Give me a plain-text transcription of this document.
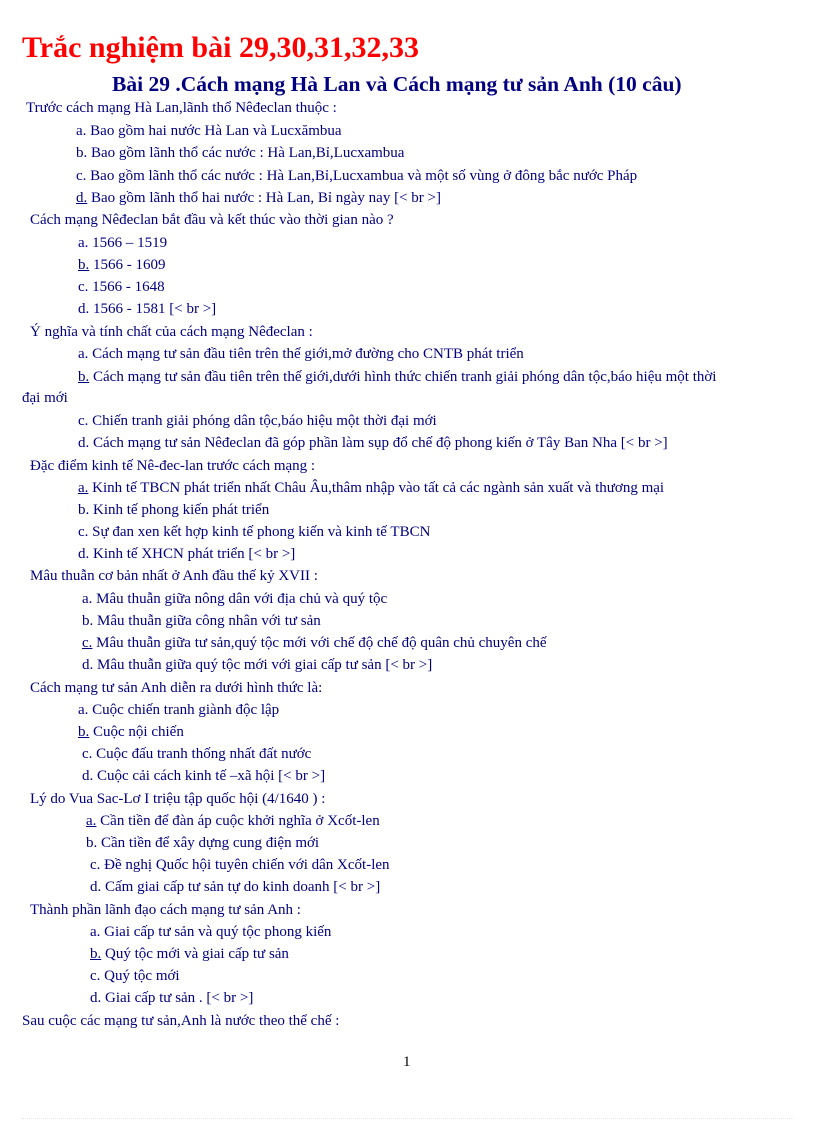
Trắc nghiệm bài 29,30,31,32,33
Bài 29 .Cách mạng Hà Lan và Cách mạng tư sản Anh (10 câu)
Trước cách mạng Hà Lan,lãnh thổ Nêđeclan thuộc :
a. Bao gồm hai nước Hà Lan và Lucxămbua
b. Bao gồm lãnh thổ các nước : Hà Lan,Bỉ,Lucxambua
c. Bao gồm lãnh thổ các nước : Hà Lan,Bỉ,Lucxambua và một số vùng ở đông bắc nước Pháp
d. Bao gồm lãnh thổ hai nước : Hà Lan, Bỉ ngày nay [< br >]
Cách mạng Nêđeclan bắt đầu và kết thúc vào thời gian nào ?
a. 1566 – 1519
b. 1566 - 1609
c. 1566 - 1648
d. 1566 - 1581 [< br >]
Ý nghĩa và tính chất của cách mạng Nêđeclan :
a. Cách mạng tư sản đầu tiên trên thế giới,mở đường cho CNTB phát triển
b. Cách mạng tư sản đầu tiên trên thế giới,dưới hình thức chiến tranh giải phóng dân tộc,báo hiệu một thời
đại mới
c. Chiến tranh giải phóng dân tộc,báo hiệu một thời đại mới
d. Cách mạng tư sản Nêđeclan đã góp phần làm sụp đổ chế độ phong kiến ở Tây Ban Nha [< br >]
Đặc điểm kinh tế Nê-đec-lan trước cách mạng :
a. Kinh tế TBCN phát triển nhất Châu Âu,thâm nhập vào tất cả các ngành sản xuất và thương mại
b. Kinh tế phong kiến phát triển
c. Sự đan xen kết hợp kinh tế phong kiến và kinh tế TBCN
d. Kinh tế XHCN phát triển [< br >]
Mâu thuẫn cơ bản nhất ở Anh đầu thế kỷ XVII :
a. Mâu thuẫn giữa nông dân với địa chủ và quý tộc
b. Mâu thuẫn giữa công nhân với tư sản
c. Mâu thuẫn giữa tư sản,quý tộc mới với chế độ chế độ quân chủ chuyên chế
d. Mâu thuẫn giữa quý tộc mới với giai cấp tư sản [< br >]
Cách mạng tư sản Anh diễn ra dưới hình thức là:
a. Cuộc chiến tranh giành độc lập
b. Cuộc nội chiến
c. Cuộc đấu tranh thống nhất đất nước
d. Cuộc cải cách kinh tế –xã hội [< br >]
Lý do Vua Sac-Lơ I triệu tập quốc hội (4/1640 ) :
a. Cần tiền để đàn áp cuộc khởi nghĩa ở Xcốt-len
b. Cần tiền để xây dựng cung điện mới
c. Đề nghị Quốc hội tuyên chiến với dân Xcốt-len
d. Cấm giai cấp tư sản tự do kinh doanh [< br >]
Thành phần lãnh đạo cách mạng tư sản Anh :
a. Giai cấp tư sản và quý tộc phong kiến
b. Quý tộc mới và giai cấp tư sản
c. Quý tộc mới
d. Giai cấp tư sản . [< br >]
Sau cuộc các mạng tư sản,Anh là nước theo thể chế :
1
